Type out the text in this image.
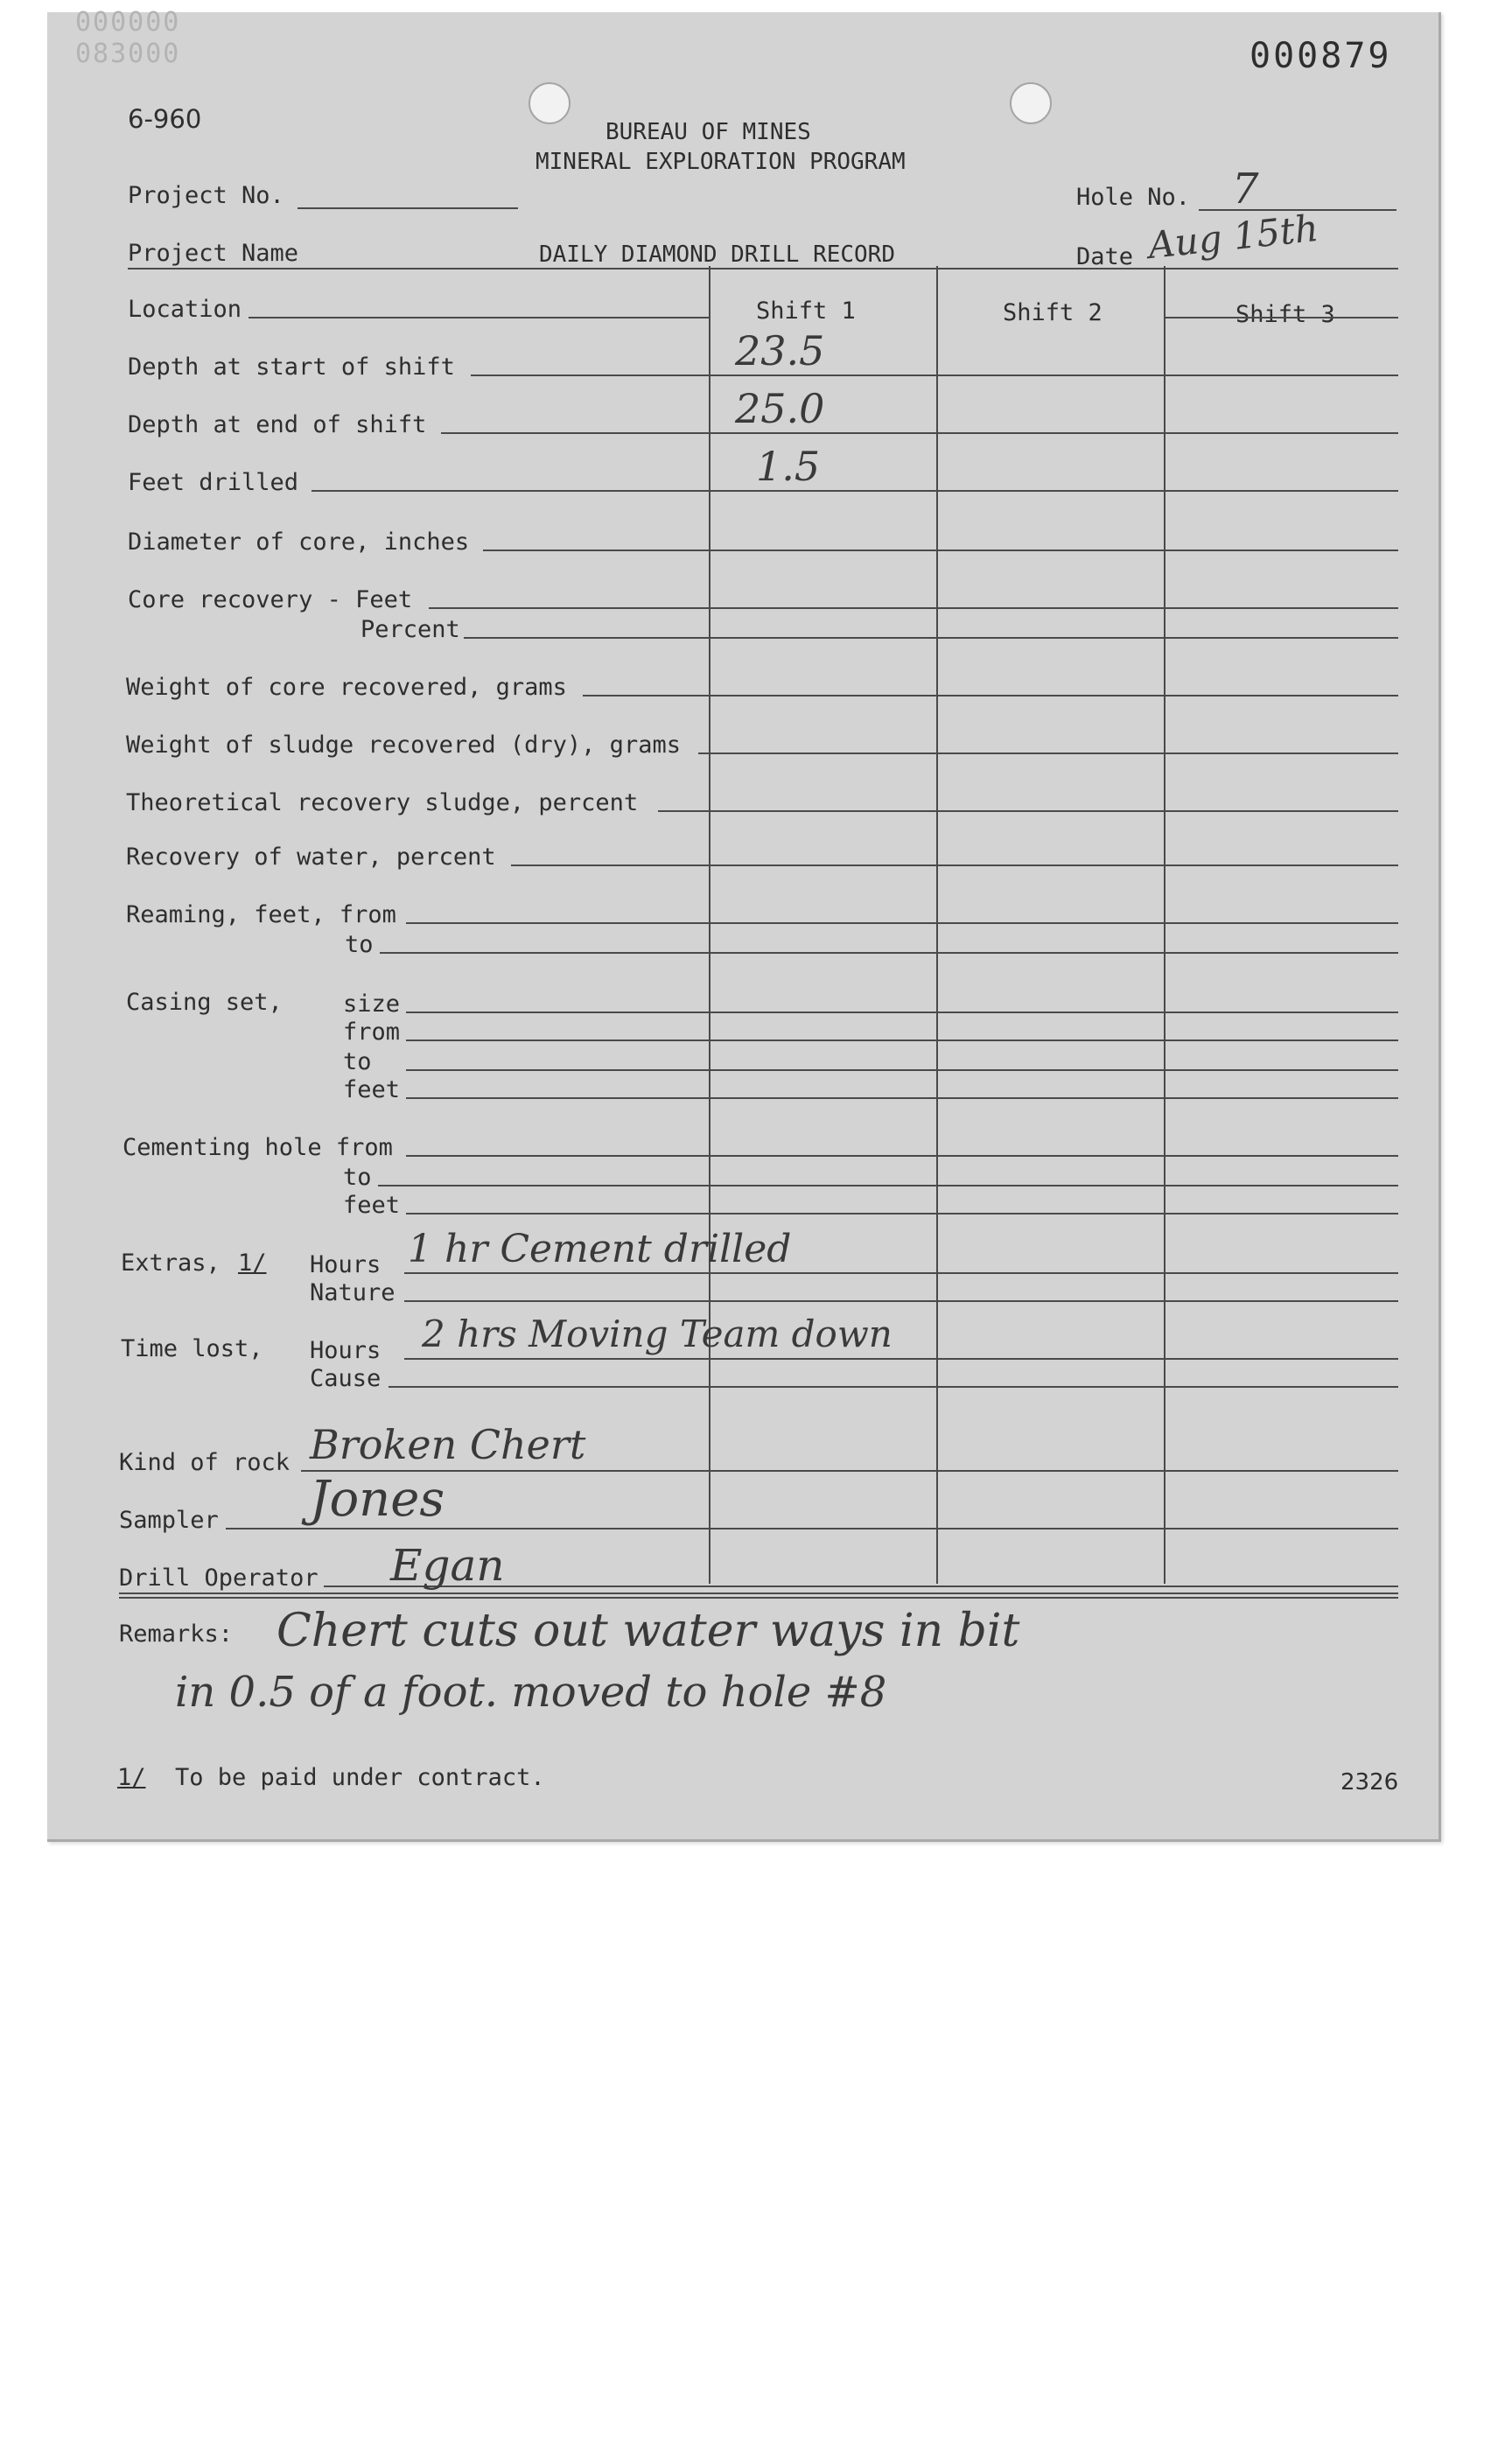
000000
083000	000879
6-960	BUREAU OF MINES
MINERAL EXPLORATION PROGRAM
Project No.	Hole No. 7
Project Name	DAILY DIAMOND DRILL RECORD	Date Aug 15th
Location	Shift 1	Shift 2	Shift 3
Depth at start of shift	23.5
Depth at end of shift	25.0
Feet drilled	1.5
Diameter of core, inches
Core recovery - Feet
Percent
Weight of core recovered, grams
Weight of sludge recovered (dry), grams
Theoretical recovery sludge, percent
Recovery of water, percent
Reaming, feet, from
to
Casing set,	size
from
to
feet
Cementing hole from
to
feet
Extras, 1/ Hours 1 hr Cement drilled
Nature
Time lost, Hours 2 hrs Moving Team down
Cause
Kind of rock Broken Chert
Sampler Jones
Drill Operator Egan
Remarks: Chert cuts out water ways in bit
in 0.5 of a foot. moved to hole #8
1/ To be paid under contract.	2326
